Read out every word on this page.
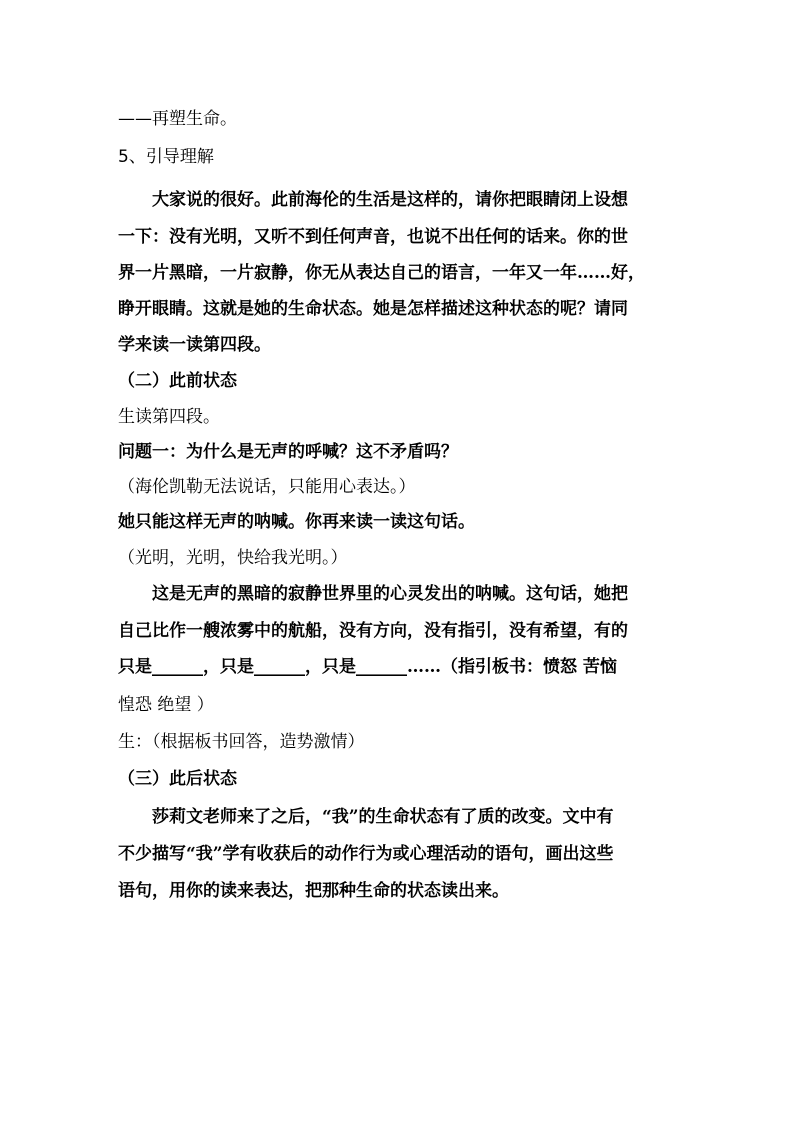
——再塑生命。
5、引导理解
大家说的很好。此前海伦的生活是这样的，请你把眼睛闭上设想
一下：没有光明，又听不到任何声音，也说不出任何的话来。你的世
界一片黑暗，一片寂静，你无从表达自己的语言，一年又一年……好，
睁开眼睛。这就是她的生命状态。她是怎样描述这种状态的呢？请同
学来读一读第四段。
（二）此前状态
生读第四段。
问题一：为什么是无声的呼喊？这不矛盾吗？
（海伦凯勒无法说话，只能用心表达。）
她只能这样无声的呐喊。你再来读一读这句话。
（光明，光明，快给我光明。）
这是无声的黑暗的寂静世界里的心灵发出的呐喊。这句话，她把
自己比作一艘浓雾中的航船，没有方向，没有指引，没有希望，有的
只是______，只是______，只是______……（指引板书：愤怒 苦恼
惶恐 绝望 ）
生：（根据板书回答，造势激情）
（三）此后状态
莎莉文老师来了之后，“我”的生命状态有了质的改变。文中有
不少描写“我”学有收获后的动作行为或心理活动的语句，画出这些
语句，用你的读来表达，把那种生命的状态读出来。
